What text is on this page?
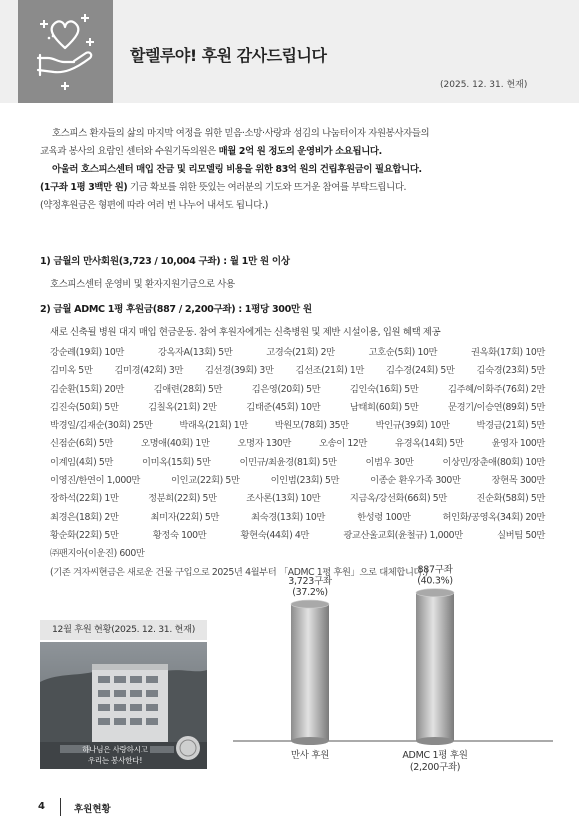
할렐루야! 후원 감사드립니다
(2025. 12. 31. 현재)

호스피스 환자들의 삶의 마지막 여정을 위한 믿음·소망·사랑과 섬김의 나눔터이자 자원봉사자들의

교육과 봉사의 요람인 센터와 수원기독의원은 매월 2억 원 정도의 운영비가 소요됩니다.

아울러 호스피스센터 매입 잔금 및 리모델링 비용을 위한 83억 원의 건립후원금이 필요합니다.

(1구좌 1평 3백만 원) 기금 확보를 위한 뜻있는 여러분의 기도와 뜨거운 참여를 부탁드립니다.

(약정후원금은 형편에 따라 여러 번 나누어 내셔도 됩니다.)

1) 금월의 만사회원(3,723 / 10,004 구좌) : 월 1만 원 이상
호스피스센터 운영비 및 환자지원기금으로 사용
2) 금월 ADMC 1평 후원금(887 / 2,200구좌) : 1평당 300만 원
새로 신축될 병원 대지 매입 현금운동. 참여 후원자에게는 신축병원 및 제반 시설이용, 입원 혜택 제공
강순례(19회) 10만	강옥자A(13회) 5만	고경숙(21회) 2만	고호순(5회) 10만	권옥화(17회) 10만
김미옥 5만 김미경(42회) 3만 김선경(39회) 3만 김선조(21회) 1만 김수경(24회) 5만 김숙경(23회) 5만
김순환(15회) 20만	김애련(28회) 5만	김은영(20회) 5만	김인숙(16회) 5만	김주혜/이화주(76회) 2만
김진숙(50회) 5만	김칠옥(21회) 2만	김태준(45회) 10만	남태희(60회) 5만	문경기/이승연(89회) 5만
박경일/김재순(30회) 25만	박래옥(21회) 1만	박원모(78회) 35만	박인규(39회) 10만	박경금(21회) 5만
신점순(6회) 5만	오명애(40회) 1만	오명자 130만	오송이 12만	유경옥(14회) 5만	윤영자 100만
이계임(4회) 5만	이미옥(15회) 5만	이민규/최윤경(81회) 5만	이범우 30만	이상민/장춘애(80회) 10만
이영진/한연이 1,000만	이인교(22회) 5만	이인범(23회) 5만	이종순 환우가족 300만	장현목 300만
장하석(22회) 1만	정분희(22회) 5만	조사론(13회) 10만	지금옥/강선화(66회) 5만	진순화(58회) 5만
최경은(18회) 2만	최미자(22회) 5만	최숙경(13회) 10만	한성령 100만	허인화/공영옥(34회) 20만
황순화(22회) 5만	황정숙 100만	황현숙(44회) 4만	광교산울교회(윤철규) 1,000만	실버팀 50만
㈜팬지아(이운진) 600만
(기존 겨자씨현금은 새로운 건물 구입으로 2025년 4월부터 「ADMC 1평 후원」으로 대체합니다.)
12월 후원 현황(2025. 12. 31. 현재)
하나님은 사랑하시고
우리는 봉사한다!
3,723구좌
(37.2%)
만사 후원
887구좌
(40.3%)
ADMC 1평 후원
(2,200구좌)
4	후원현황
